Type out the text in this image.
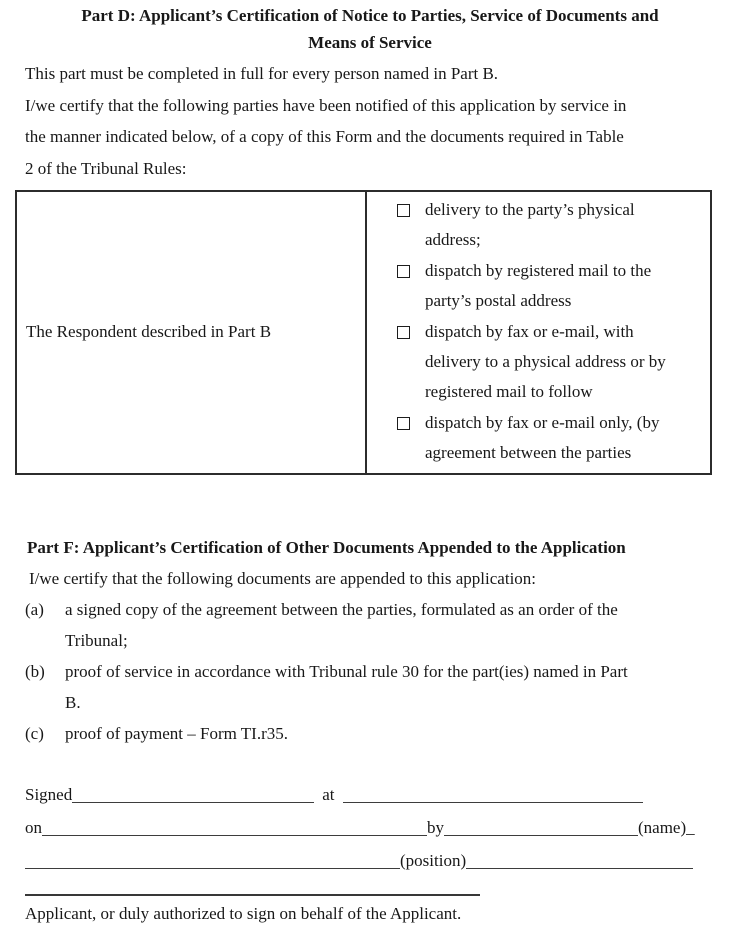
Part D: Applicant’s Certification of Notice to Parties, Service of Documents and
Means of Service
This part must be completed in full for every person named in Part B.
I/we certify that the following parties have been notified of this application by service in
the manner indicated below, of a copy of this Form and the documents required in Table
2 of the Tribunal Rules:
The Respondent described in Part B
delivery to the party’s physical
address;
dispatch by registered mail to the
party’s postal address
dispatch by fax or e-mail, with
delivery to a physical address or by
registered mail to follow
dispatch by fax or e-mail only, (by
agreement between the parties
Part F: Applicant’s Certification of Other Documents Appended to the Application
I/we certify that the following documents are appended to this application:
(a)	a signed copy of the agreement between the parties, formulated as an order of the
Tribunal;
(b)	proof of service in accordance with Tribunal rule 30 for the part(ies) named in Part
B.
(c)	proof of payment – Form TI.r35.
Signed	at
on	by	(name)_
(position)
Applicant, or duly authorized to sign on behalf of the Applicant.
